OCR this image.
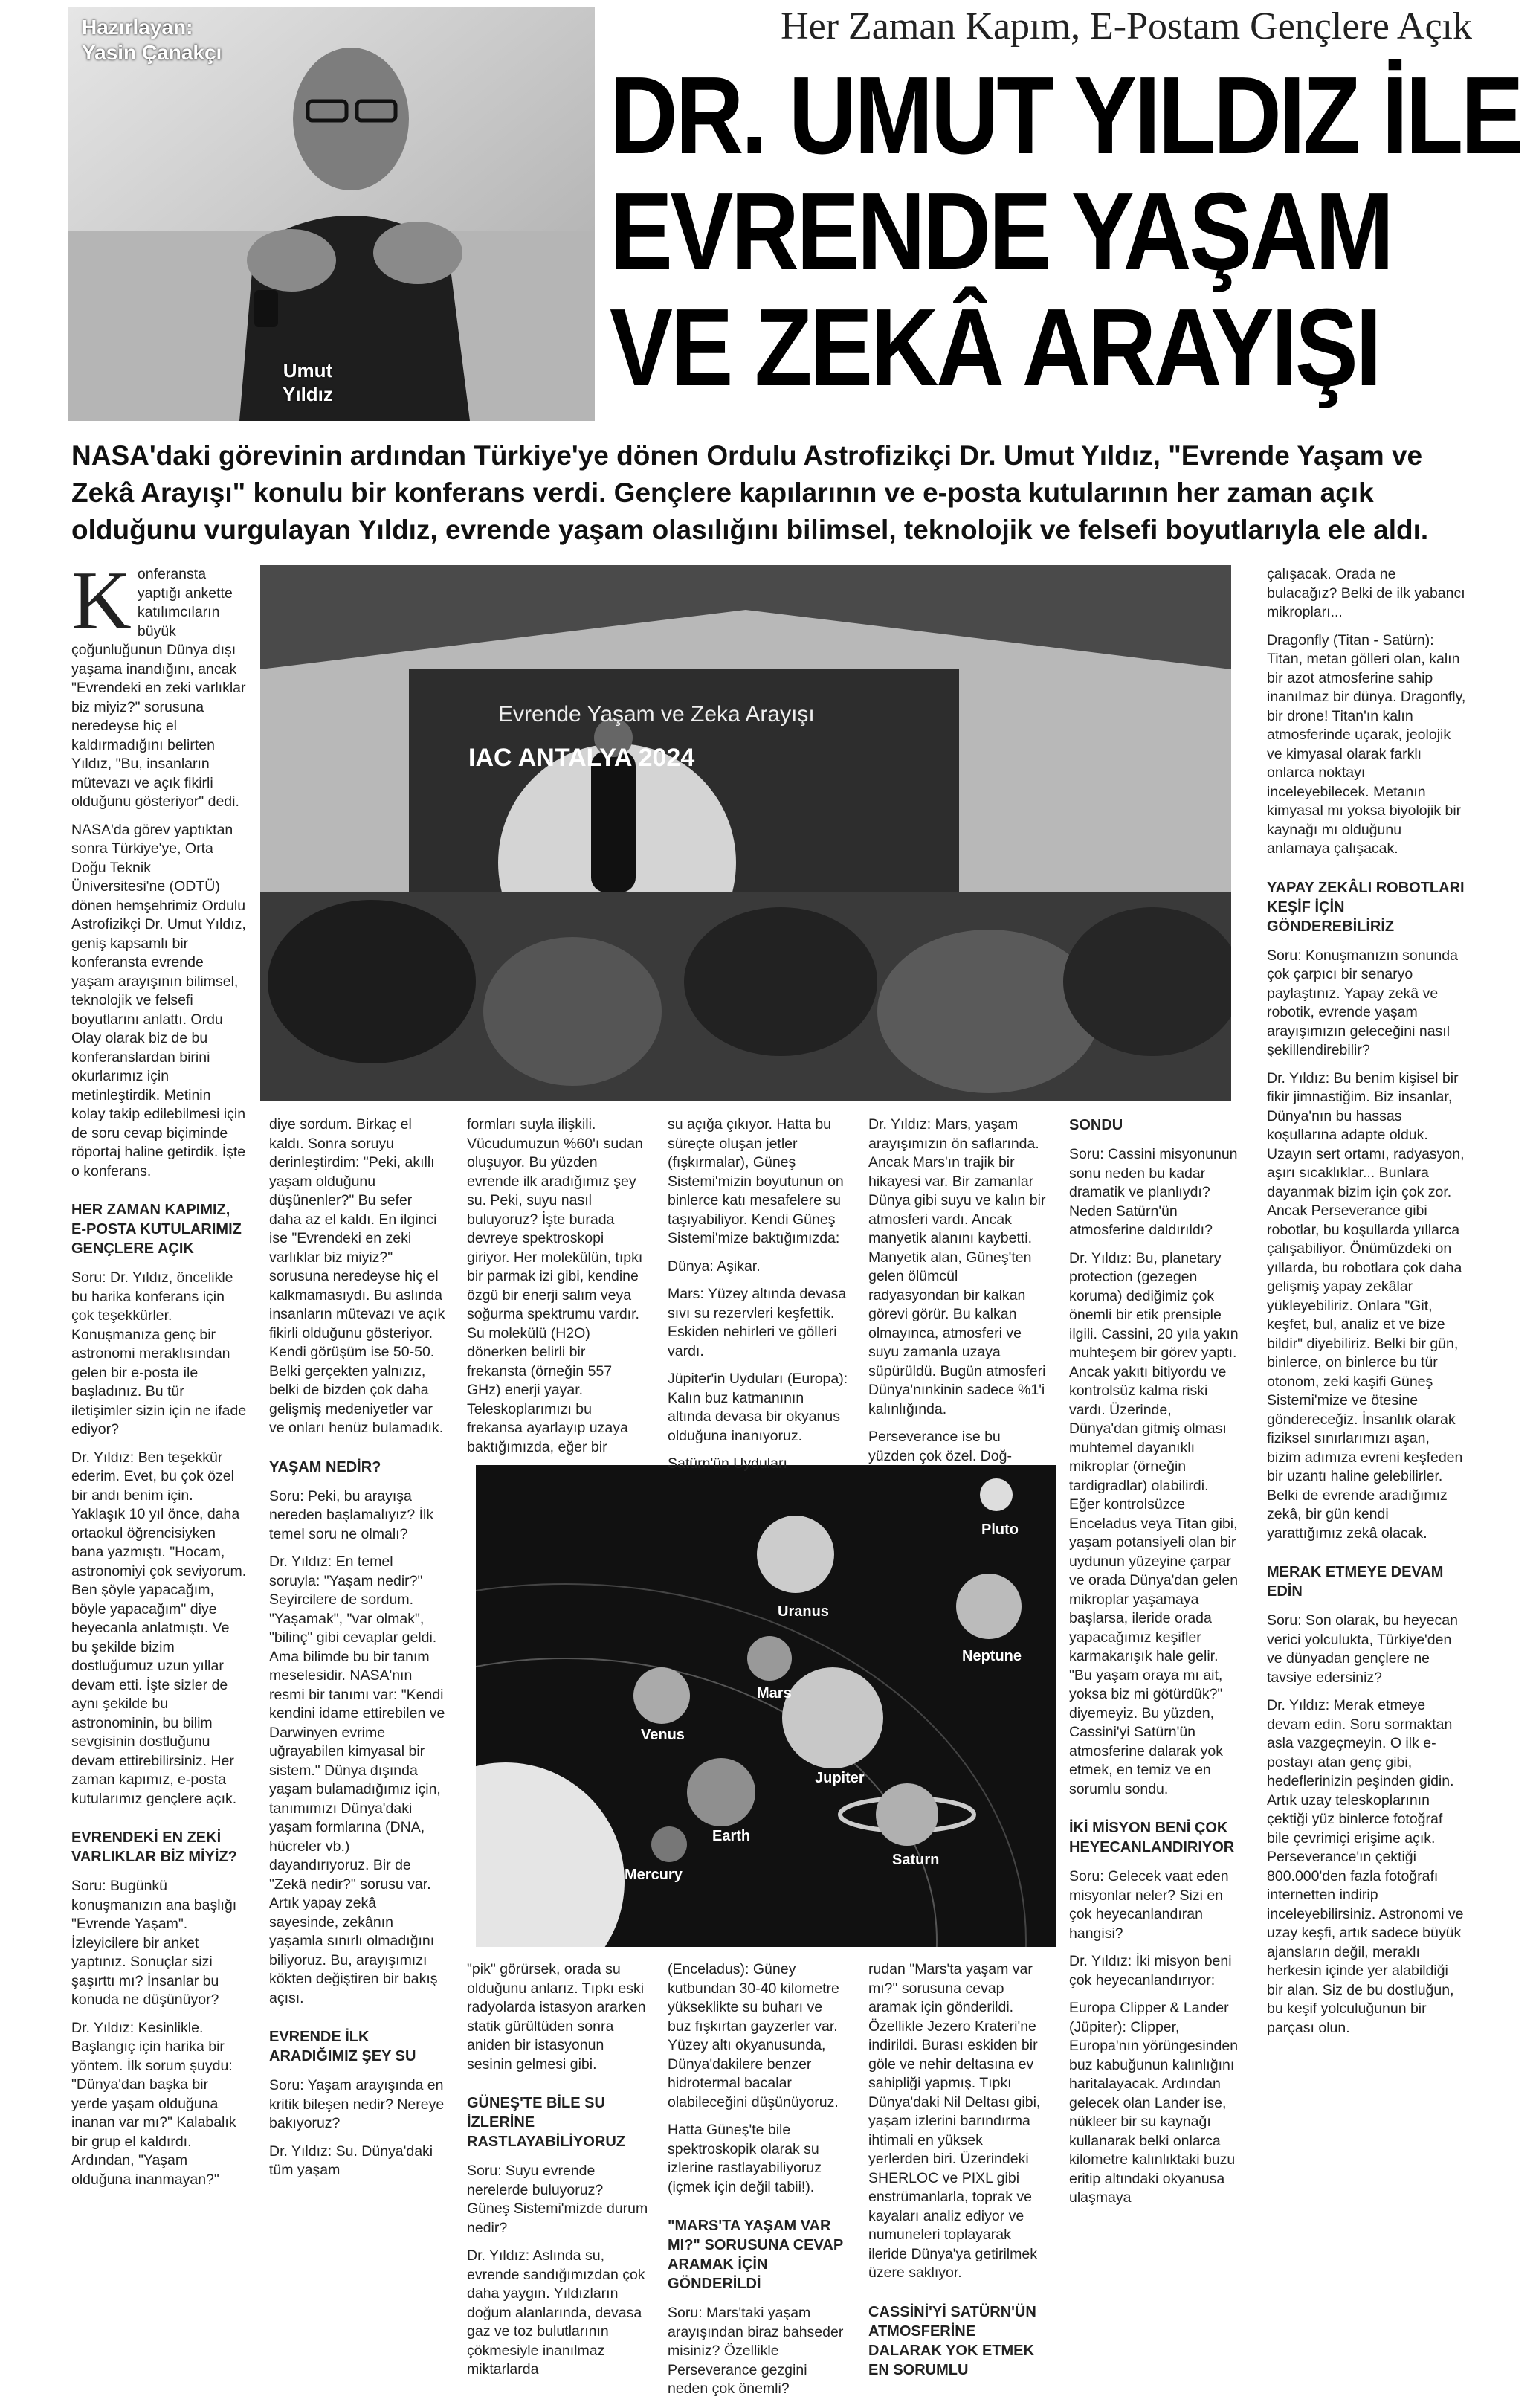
Hazırlayan:
Yasin Çanakçı
Umut
Yıldız
Her Zaman Kapım, E-Postam Gençlere Açık
DR. UMUT YILDIZ İLE
EVRENDE YAŞAM
VE ZEKÂ ARAYIŞI
NASA'daki görevinin ardından Türkiye'ye dönen Ordulu Astrofizikçi Dr. Umut Yıldız, "Evrende Yaşam ve Zekâ Arayışı" konulu bir konferans verdi. Gençlere kapılarının ve e-posta kutularının her zaman açık olduğunu vurgulayan Yıldız, evrende yaşam olasılığını bilimsel, teknolojik ve felsefi boyutlarıyla ele aldı.
Evrende Yaşam ve Zeka Arayışı
IAC ANTALYA 2024
Pluto
Uranus
Neptune
Mars
Venus
Jupiter
Earth
Mercury
Saturn

Konferansta yaptığı ankette katılımcıların büyük çoğunluğunun Dünya dışı yaşama inandığını, ancak "Evrendeki en zeki varlıklar biz miyiz?" sorusuna neredeyse hiç el kaldırmadığını belirten Yıldız, "Bu, insanların mütevazı ve açık fikirli olduğunu gösteriyor" dedi.

NASA'da görev yaptıktan sonra Türkiye'ye, Orta Doğu Teknik Üniversitesi'ne (ODTÜ) dönen hemşehrimiz Ordulu Astrofizikçi Dr. Umut Yıldız, geniş kapsamlı bir konferansta evrende yaşam arayışının bilimsel, teknolojik ve felsefi boyutlarını anlattı. Ordu Olay olarak biz de bu konferanslardan birini okurlarımız için metinleştirdik. Metinin kolay takip edilebilmesi için de soru cevap biçiminde röportaj haline getirdik. İşte o konferans.

HER ZAMAN KAPIMIZ, E-POSTA KUTULARIMIZ GENÇLERE AÇIK

Soru: Dr. Yıldız, öncelikle bu harika konferans için çok teşekkürler. Konuşmanıza genç bir astronomi meraklısından gelen bir e-posta ile başladınız. Bu tür iletişimler sizin için ne ifade ediyor?

Dr. Yıldız: Ben teşekkür ederim. Evet, bu çok özel bir andı benim için. Yaklaşık 10 yıl önce, daha ortaokul öğrencisiyken bana yazmıştı. "Hocam, astronomiyi çok seviyorum. Ben şöyle yapacağım, böyle yapacağım" diye heyecanla anlatmıştı. Ve bu şekilde bizim dostluğumuz uzun yıllar devam etti. İşte sizler de aynı şekilde bu astronominin, bu bilim sevgisinin dostluğunu devam ettirebilirsiniz. Her zaman kapımız, e-posta kutularımız gençlere açık.

EVRENDEKİ EN ZEKİ VARLIKLAR BİZ MİYİZ?

Soru: Bugünkü konuşmanızın ana başlığı "Evrende Yaşam". İzleyicilere bir anket yaptınız. Sonuçlar sizi şaşırttı mı? İnsanlar bu konuda ne düşünüyor?

Dr. Yıldız: Kesinlikle. Başlangıç için harika bir yöntem. İlk sorum şuydu: "Dünya'dan başka bir yerde yaşam olduğuna inanan var mı?" Kalabalık bir grup el kaldırdı. Ardından, "Yaşam olduğuna inanmayan?"

diye sordum. Birkaç el kaldı. Sonra soruyu derinleştirdim: "Peki, akıllı yaşam olduğunu düşünenler?" Bu sefer daha az el kaldı. En ilginci ise "Evrendeki en zeki varlıklar biz miyiz?" sorusuna neredeyse hiç el kalkmamasıydı. Bu aslında insanların mütevazı ve açık fikirli olduğunu gösteriyor. Kendi görüşüm ise 50-50. Belki gerçekten yalnızız, belki de bizden çok daha gelişmiş medeniyetler var ve onları henüz bulamadık.

YAŞAM NEDİR?

Soru: Peki, bu arayışa nereden başlamalıyız? İlk temel soru ne olmalı?

Dr. Yıldız: En temel soruyla: "Yaşam nedir?" Seyircilere de sordum. "Yaşamak", "var olmak", "bilinç" gibi cevaplar geldi. Ama bilimde bu bir tanım meselesidir. NASA'nın resmi bir tanımı var: "Kendi kendini idame ettirebilen ve Darwinyen evrime uğrayabilen kimyasal bir sistem." Dünya dışında yaşam bulamadığımız için, tanımımızı Dünya'daki yaşam formlarına (DNA, hücreler vb.) dayandırıyoruz. Bir de "Zekâ nedir?" sorusu var. Artık yapay zekâ sayesinde, zekânın yaşamla sınırlı olmadığını biliyoruz. Bu, arayışımızı kökten değiştiren bir bakış açısı.

EVRENDE İLK ARADIĞIMIZ ŞEY SU

Soru: Yaşam arayışında en kritik bileşen nedir? Nereye bakıyoruz?

Dr. Yıldız: Su. Dünya'daki tüm yaşam

formları suyla ilişkili. Vücudumuzun %60'ı sudan oluşuyor. Bu yüzden evrende ilk aradığımız şey su. Peki, suyu nasıl buluyoruz? İşte burada devreye spektroskopi giriyor. Her molekülün, tıpkı bir parmak izi gibi, kendine özgü bir enerji salım veya soğurma spektrumu vardır. Su molekülü (H2O) dönerken belirli bir frekansta (örneğin 557 GHz) enerji yayar. Teleskoplarımızı bu frekansa ayarlayıp uzaya baktığımızda, eğer bir

"pik" görürsek, orada su olduğunu anlarız. Tıpkı eski radyolarda istasyon ararken statik gürültüden sonra aniden bir istasyonun sesinin gelmesi gibi.

GÜNEŞ'TE BİLE SU İZLERİNE RASTLAYABİLİYORUZ

Soru: Suyu evrende nerelerde buluyoruz? Güneş Sistemi'mizde durum nedir?

Dr. Yıldız: Aslında su, evrende sandığımızdan çok daha yaygın. Yıldızların doğum alanlarında, devasa gaz ve toz bulutlarının çökmesiyle inanılmaz miktarlarda

su açığa çıkıyor. Hatta bu süreçte oluşan jetler (fışkırmalar), Güneş Sistemi'mizin boyutunun on binlerce katı mesafelere su taşıyabiliyor. Kendi Güneş Sistemi'mize baktığımızda:

Dünya: Aşikar.

Mars: Yüzey altında devasa sıvı su rezervleri keşfettik. Eskiden nehirleri ve gölleri vardı.

Jüpiter'in Uyduları (Europa): Kalın buz katmanının altında devasa bir okyanus olduğuna inanıyoruz.

Satürn'ün Uyduları

(Enceladus): Güney kutbundan 30-40 kilometre yükseklikte su buharı ve buz fışkırtan gayzerler var. Yüzey altı okyanusunda, Dünya'dakilere benzer hidrotermal bacalar olabileceğini düşünüyoruz.

Hatta Güneş'te bile spektroskopik olarak su izlerine rastlayabiliyoruz (içmek için değil tabii!).

"MARS'TA YAŞAM VAR MI?" SORUSUNA CEVAP ARAMAK İÇİN GÖNDERİLDİ

Soru: Mars'taki yaşam arayışından biraz bahseder misiniz? Özellikle Perseverance gezgini neden çok önemli?

Dr. Yıldız: Mars, yaşam arayışımızın ön saflarında. Ancak Mars'ın trajik bir hikayesi var. Bir zamanlar Dünya gibi suyu ve kalın bir atmosferi vardı. Ancak manyetik alanını kaybetti. Manyetik alan, Güneş'ten gelen ölümcül radyasyondan bir kalkan görevi görür. Bu kalkan olmayınca, atmosferi ve suyu zamanla uzaya süpürüldü. Bugün atmosferi Dünya'nınkinin sadece %1'i kalınlığında.

Perseverance ise bu yüzden çok özel. Doğ-

rudan "Mars'ta yaşam var mı?" sorusuna cevap aramak için gönderildi. Özellikle Jezero Krateri'ne indirildi. Burası eskiden bir göle ve nehir deltasına ev sahipliği yapmış. Tıpkı Dünya'daki Nil Deltası gibi, yaşam izlerini barındırma ihtimali en yüksek yerlerden biri. Üzerindeki SHERLOC ve PIXL gibi enstrümanlarla, toprak ve kayaları analiz ediyor ve numuneleri toplayarak ileride Dünya'ya getirilmek üzere saklıyor.

CASSİNİ'Yİ SATÜRN'ÜN ATMOSFERİNE DALARAK YOK ETMEK EN SORUMLU
SONDU

Soru: Cassini misyonunun sonu neden bu kadar dramatik ve planlıydı? Neden Satürn'ün atmosferine daldırıldı?

Dr. Yıldız: Bu, planetary protection (gezegen koruma) dediğimiz çok önemli bir etik prensiple ilgili. Cassini, 20 yıla yakın muhteşem bir görev yaptı. Ancak yakıtı bitiyordu ve kontrolsüz kalma riski vardı. Üzerinde, Dünya'dan gitmiş olması muhtemel dayanıklı mikroplar (örneğin tardigradlar) olabilirdi. Eğer kontrolsüzce Enceladus veya Titan gibi, yaşam potansiyeli olan bir uydunun yüzeyine çarpar ve orada Dünya'dan gelen mikroplar yaşamaya başlarsa, ileride orada yapacağımız keşifler karmakarışık hale gelir. "Bu yaşam oraya mı ait, yoksa biz mi götürdük?" diyemeyiz. Bu yüzden, Cassini'yi Satürn'ün atmosferine dalarak yok etmek, en temiz ve en sorumlu sondu.

İKİ MİSYON BENİ ÇOK HEYECANLANDIRIYOR

Soru: Gelecek vaat eden misyonlar neler? Sizi en çok heyecanlandıran hangisi?

Dr. Yıldız: İki misyon beni çok heyecanlandırıyor:

Europa Clipper & Lander (Jüpiter): Clipper, Europa'nın yörüngesinden buz kabuğunun kalınlığını haritalayacak. Ardından gelecek olan Lander ise, nükleer bir su kaynağı kullanarak belki onlarca kilometre kalınlıktaki buzu eritip altındaki okyanusa ulaşmaya

çalışacak. Orada ne bulacağız? Belki de ilk yabancı mikropları...

Dragonfly (Titan - Satürn): Titan, metan gölleri olan, kalın bir azot atmosferine sahip inanılmaz bir dünya. Dragonfly, bir drone! Titan'ın kalın atmosferinde uçarak, jeolojik ve kimyasal olarak farklı onlarca noktayı inceleyebilecek. Metanın kimyasal mı yoksa biyolojik bir kaynağı mı olduğunu anlamaya çalışacak.

YAPAY ZEKÂLI ROBOTLARI KEŞİF İÇİN GÖNDEREBİLİRİZ

Soru: Konuşmanızın sonunda çok çarpıcı bir senaryo paylaştınız. Yapay zekâ ve robotik, evrende yaşam arayışımızın geleceğini nasıl şekillendirebilir?

Dr. Yıldız: Bu benim kişisel bir fikir jimnastiğim. Biz insanlar, Dünya'nın bu hassas koşullarına adapte olduk. Uzayın sert ortamı, radyasyon, aşırı sıcaklıklar... Bunlara dayanmak bizim için çok zor. Ancak Perseverance gibi robotlar, bu koşullarda yıllarca çalışabiliyor. Önümüzdeki on yıllarda, bu robotlara çok daha gelişmiş yapay zekâlar yükleyebiliriz. Onlara "Git, keşfet, bul, analiz et ve bize bildir" diyebiliriz. Belki bir gün, binlerce, on binlerce bu tür otonom, zeki kaşifi Güneş Sistemi'mize ve ötesine göndereceğiz. İnsanlık olarak fiziksel sınırlarımızı aşan, bizim adımıza evreni keşfeden bir uzantı haline gelebilirler. Belki de evrende aradığımız zekâ, bir gün kendi yarattığımız zekâ olacak.

MERAK ETMEYE DEVAM EDİN

Soru: Son olarak, bu heyecan verici yolculukta, Türkiye'den ve dünyadan gençlere ne tavsiye edersiniz?

Dr. Yıldız: Merak etmeye devam edin. Soru sormaktan asla vazgeçmeyin. O ilk e-postayı atan genç gibi, hedeflerinizin peşinden gidin. Artık uzay teleskoplarının çektiği yüz binlerce fotoğraf bile çevrimiçi erişime açık. Perseverance'ın çektiği 800.000'den fazla fotoğrafı internetten indirip inceleyebilirsiniz. Astronomi ve uzay keşfi, artık sadece büyük ajansların değil, meraklı herkesin içinde yer alabildiği bir alan. Siz de bu dostluğun, bu keşif yolculuğunun bir parçası olun.
